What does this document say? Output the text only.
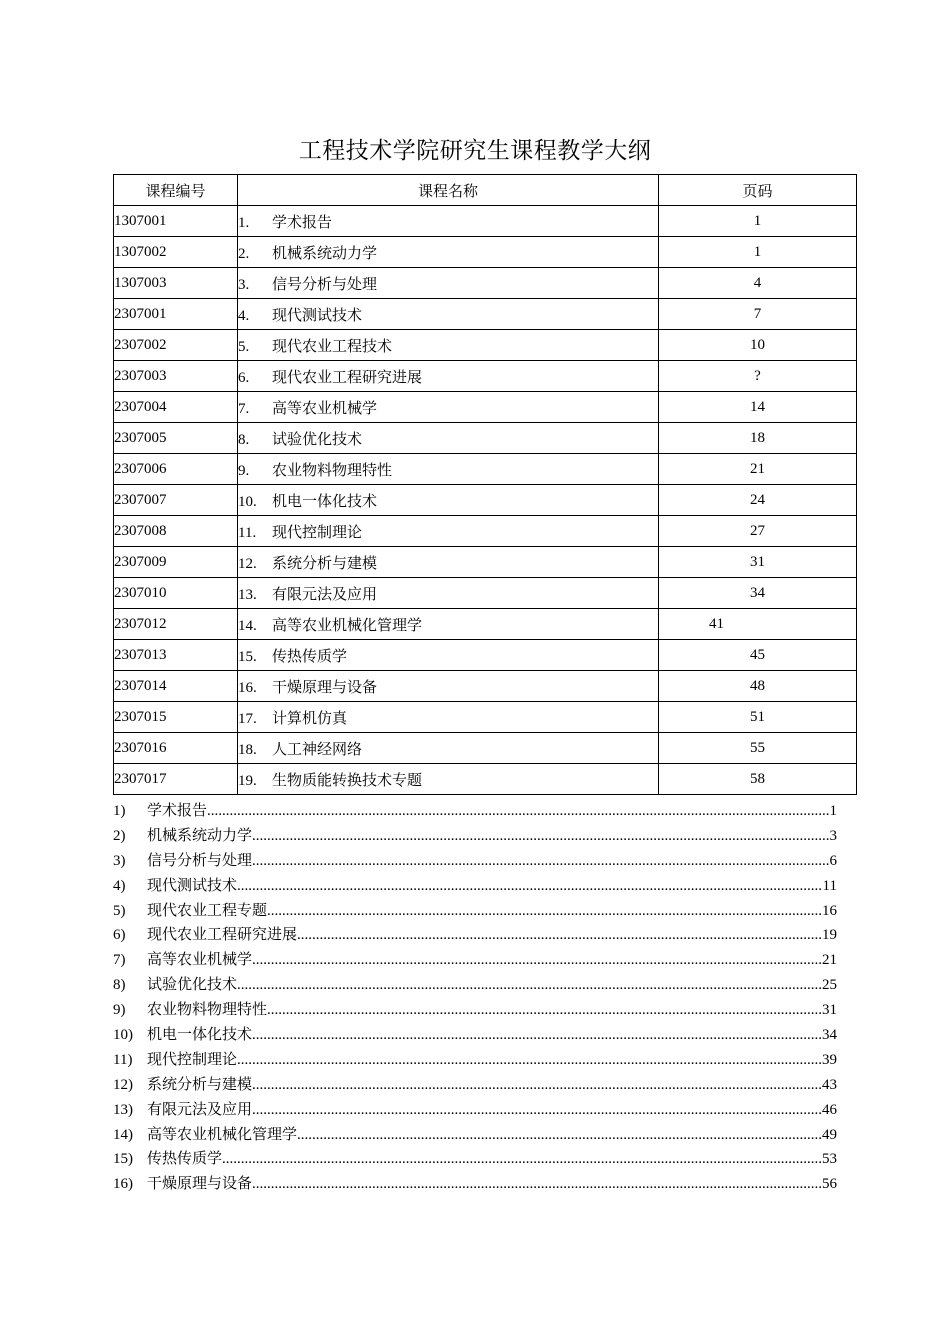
工程技术学院研究生课程教学大纲
课程编号	课程名称	页码
1307001	1. 学术报告	1
1307002	2. 机械系统动力学	1
1307003	3. 信号分析与处理	4
2307001	4. 现代测试技术	7
2307002	5. 现代农业工程技术	10
2307003	6. 现代农业工程研究进展	?
2307004	7. 高等农业机械学	14
2307005	8. 试验优化技术	18
2307006	9. 农业物料物理特性	21
2307007	10. 机电一体化技术	24
2307008	11. 现代控制理论	27
2307009	12. 系统分析与建模	31
2307010	13. 有限元法及应用	34
2307012	14. 高等农业机械化管理学	41
2307013	15. 传热传质学	45
2307014	16. 干燥原理与设备	48
2307015	17. 计算机仿真	51
2307016	18. 人工神经网络	55
2307017	19. 生物质能转换技术专题	58
1)	学术报告 .....	1
2)	机械系统动力学 .....	3
3)	信号分析与处理 .....	6
4)	现代测试技术 .....	11
5)	现代农业工程专题 .....	16
6)	现代农业工程研究进展 .....	19
7)	高等农业机械学 .....	21
8)	试验优化技术 .....	25
9)	农业物料物理特性 .....	31
10) 机电一体化技术 .....	34
11) 现代控制理论 .....	39
12) 系统分析与建模 .....	43
13) 有限元法及应用 .....	46
14) 高等农业机械化管理学 .....	49
15) 传热传质学 .....	53
16) 干燥原理与设备 .....	56
